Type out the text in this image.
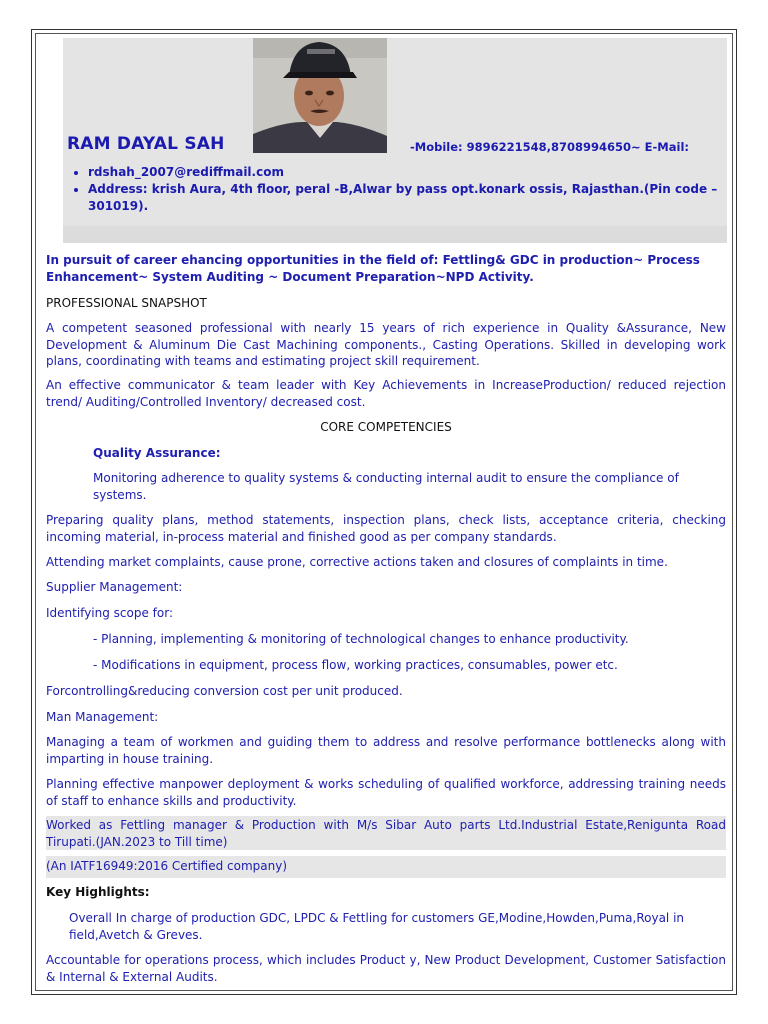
RAM DAYAL SAH	-Mobile: 9896221548,8708994650~ E-Mail:
• rdshah_2007@rediffmail.com
• Address: krish Aura, 4th floor, peral -B,Alwar by pass opt.konark ossis, Rajasthan.(Pin code – 301019).
In pursuit of career ehancing opportunities in the field of: Fettling& GDC in production~ Process Enhancement~ System Auditing ~ Document Preparation~NPD Activity.
PROFESSIONAL SNAPSHOT
A competent seasoned professional with nearly 15 years of rich experience in Quality &Assurance, New Development & Aluminum Die Cast Machining components., Casting Operations. Skilled in developing work plans, coordinating with teams and estimating project skill requirement.
An effective communicator & team leader with Key Achievements in IncreaseProduction/ reduced rejection trend/ Auditing/Controlled Inventory/ decreased cost.
CORE COMPETENCIES
Quality Assurance:
Monitoring adherence to quality systems & conducting internal audit to ensure the compliance of systems.
Preparing quality plans, method statements, inspection plans, check lists, acceptance criteria, checking incoming material, in-process material and finished good as per company standards.
Attending market complaints, cause prone, corrective actions taken and closures of complaints in time.
Supplier Management:
Identifying scope for:
- Planning, implementing & monitoring of technological changes to enhance productivity.
- Modifications in equipment, process flow, working practices, consumables, power etc.
Forcontrolling&reducing conversion cost per unit produced.
Man Management:
Managing a team of workmen and guiding them to address and resolve performance bottlenecks along with imparting in house training.
Planning effective manpower deployment & works scheduling of qualified workforce, addressing training needs of staff to enhance skills and productivity.
Worked as Fettling manager & Production with M/s Sibar Auto parts Ltd.Industrial Estate,Renigunta Road Tirupati.(JAN.2023 to Till time)
(An IATF16949:2016 Certified company)
Key Highlights:
Overall In charge of production GDC, LPDC & Fettling for customers GE,Modine,Howden,Puma,Royal in field,Avetch & Greves.
Accountable for operations process, which includes Product y, New Product Development, Customer Satisfaction & Internal & External Audits.
